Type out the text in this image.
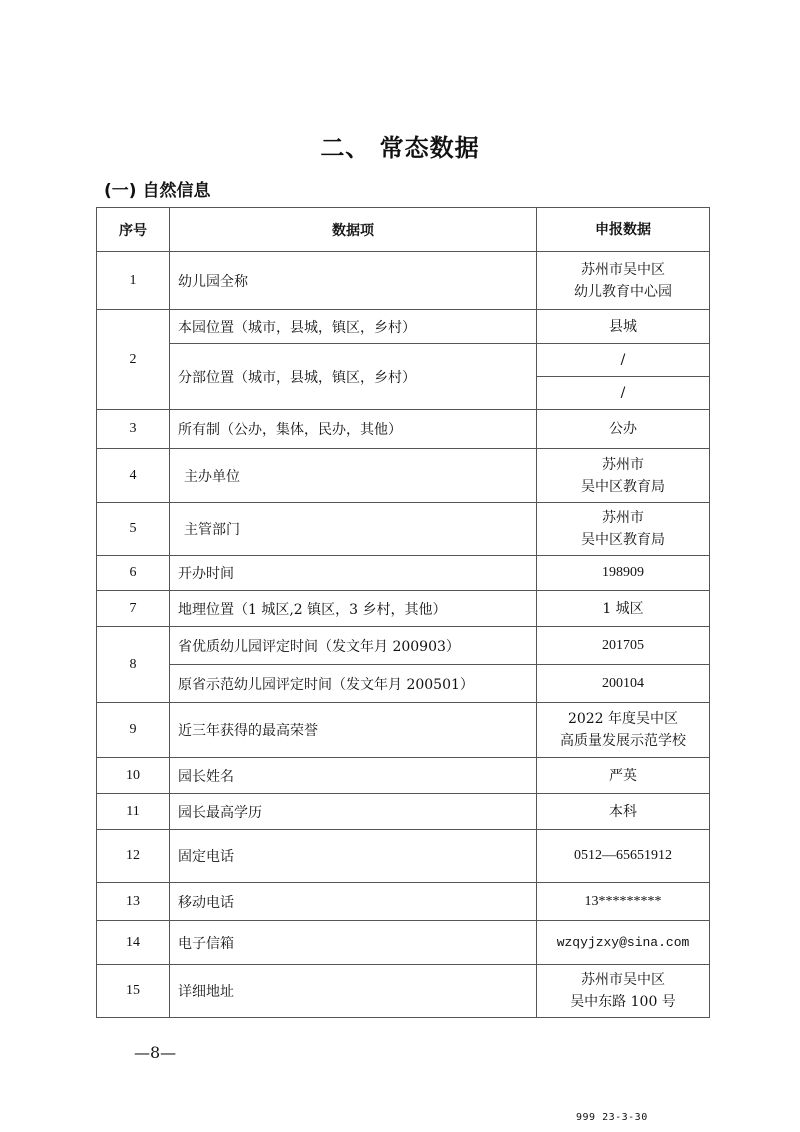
二、 常态数据
(一) 自然信息
序号	数据项	申报数据
1	幼儿园全称	苏州市吴中区
幼儿教育中心园

2	本园位置（城市，县城，镇区，乡村）	县城
	分部位置（城市，县城，镇区，乡村）	/
		/
3	所有制（公办，集体，民办，其他）	公办
4	主办单位	苏州市
吴中区教育局

5	主管部门	苏州市
吴中区教育局

6	开办时间	198909
7	地理位置（1 城区,2 镇区，3 乡村，其他）	1 城区
8	省优质幼儿园评定时间（发文年月 200903）	201705
	原省示范幼儿园评定时间（发文年月 200501）	200104
9	近三年获得的最高荣誉	2022 年度吴中区
高质量发展示范学校

10	园长姓名	严英
11	园长最高学历	本科
12	固定电话	0512—65651912
13	移动电话	13*********
14	电子信箱	wzqyjzxy@sina.com
15	详细地址	苏州市吴中区
吴中东路 100 号
—8—
999 23-3-30
